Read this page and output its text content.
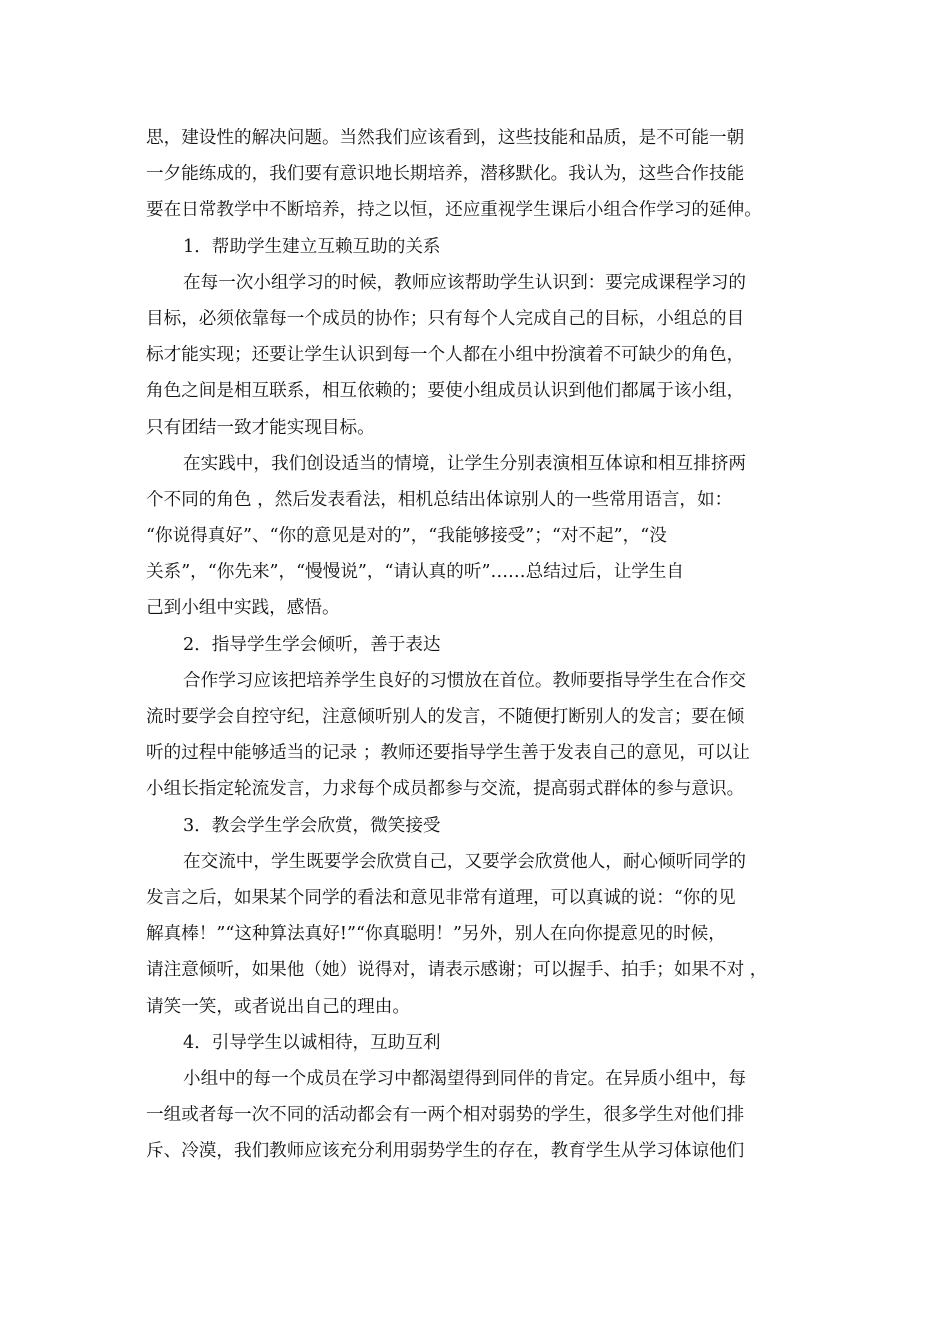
思，建设性的解决问题。当然我们应该看到，这些技能和品质，是不可能一朝
一夕能练成的，我们要有意识地长期培养，潜移默化。我认为，这些合作技能
要在日常教学中不断培养，持之以恒，还应重视学生课后小组合作学习的延伸。
1．帮助学生建立互赖互助的关系
在每一次小组学习的时候，教师应该帮助学生认识到：要完成课程学习的
目标，必须依靠每一个成员的协作；只有每个人完成自己的目标，小组总的目
标才能实现；还要让学生认识到每一个人都在小组中扮演着不可缺少的角色，
角色之间是相互联系，相互依赖的；要使小组成员认识到他们都属于该小组，
只有团结一致才能实现目标。
在实践中，我们创设适当的情境，让学生分别表演相互体谅和相互排挤两
个不同的角色 ，然后发表看法，相机总结出体谅别人的一些常用语言，如：
“你说得真好”、“你的意见是对的”，“我能够接受”；“对不起”，“没
关系”，“你先来”，“慢慢说”，“请认真的听”……总结过后，让学生自
己到小组中实践，感悟。
2．指导学生学会倾听，善于表达
合作学习应该把培养学生良好的习惯放在首位。教师要指导学生在合作交
流时要学会自控守纪，注意倾听别人的发言，不随便打断别人的发言；要在倾
听的过程中能够适当的记录 ；教师还要指导学生善于发表自己的意见，可以让
小组长指定轮流发言，力求每个成员都参与交流，提高弱式群体的参与意识。
3．教会学生学会欣赏，微笑接受
在交流中，学生既要学会欣赏自己，又要学会欣赏他人，耐心倾听同学的
发言之后，如果某个同学的看法和意见非常有道理，可以真诚的说：“你的见
解真棒！”“这种算法真好!”“你真聪明！”另外，别人在向你提意见的时候，
请注意倾听，如果他（她）说得对，请表示感谢；可以握手、拍手；如果不对 ，
请笑一笑，或者说出自己的理由。
4．引导学生以诚相待，互助互利
小组中的每一个成员在学习中都渴望得到同伴的肯定。在异质小组中，每
一组或者每一次不同的活动都会有一两个相对弱势的学生，很多学生对他们排
斥、冷漠，我们教师应该充分利用弱势学生的存在，教育学生从学习体谅他们
